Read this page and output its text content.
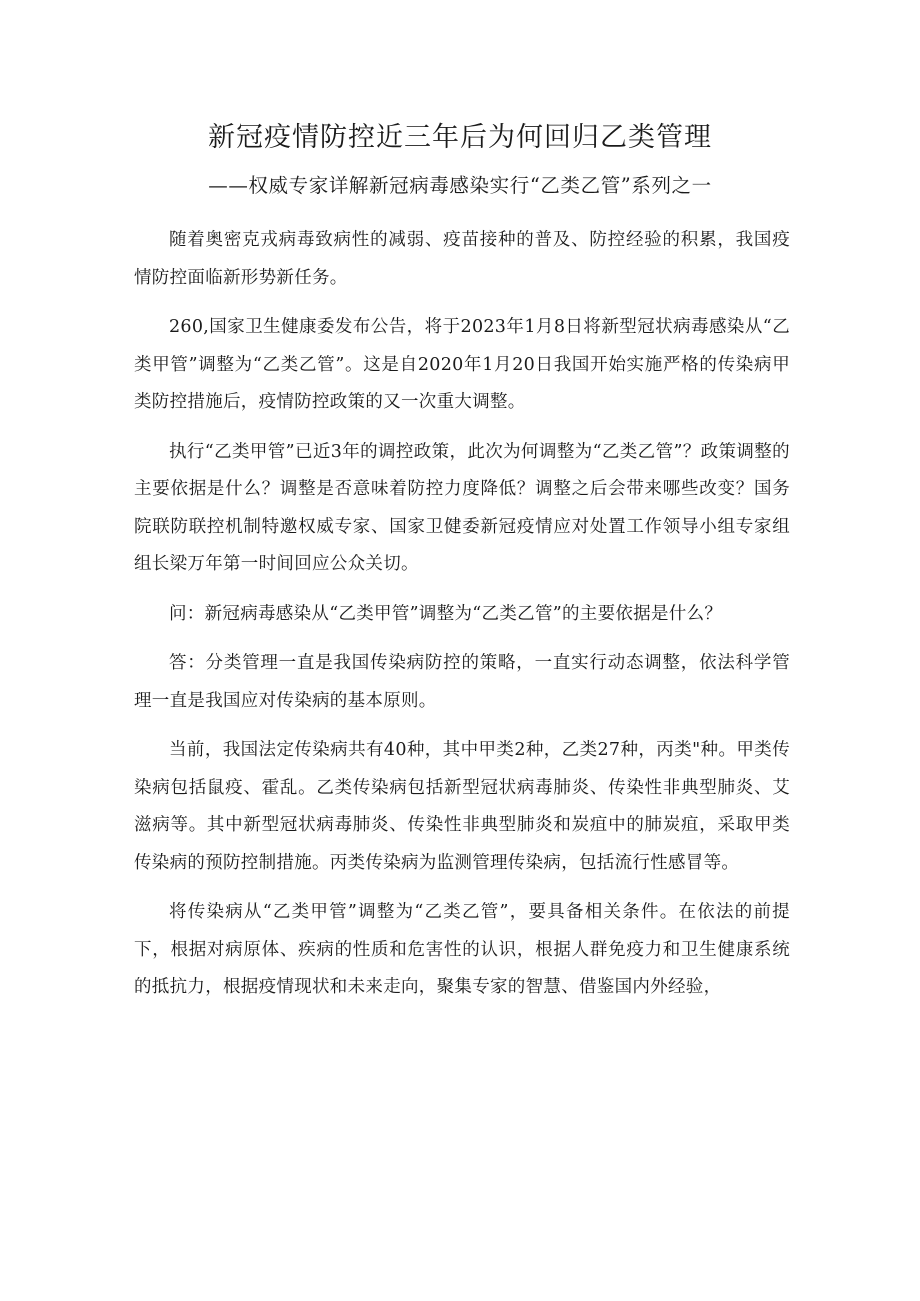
新冠疫情防控近三年后为何回归乙类管理
——权威专家详解新冠病毒感染实行“乙类乙管”系列之一

随着奥密克戎病毒致病性的减弱、疫苗接种的普及、防控经验的积累，我国疫情防控面临新形势新任务。

260,国家卫生健康委发布公告，将于2023年1月8日将新型冠状病毒感染从“乙类甲管”调整为“乙类乙管”。这是自2020年1月20日我国开始实施严格的传染病甲类防控措施后，疫情防控政策的又一次重大调整。

执行“乙类甲管”已近3年的调控政策，此次为何调整为“乙类乙管”？政策调整的主要依据是什么？调整是否意味着防控力度降低？调整之后会带来哪些改变？国务院联防联控机制特邀权威专家、国家卫健委新冠疫情应对处置工作领导小组专家组组长梁万年第一时间回应公众关切。

问：新冠病毒感染从“乙类甲管”调整为“乙类乙管”的主要依据是什么？

答：分类管理一直是我国传染病防控的策略，一直实行动态调整，依法科学管理一直是我国应对传染病的基本原则。

当前，我国法定传染病共有40种，其中甲类2种，乙类27种，丙类"种。甲类传染病包括鼠疫、霍乱。乙类传染病包括新型冠状病毒肺炎、传染性非典型肺炎、艾滋病等。其中新型冠状病毒肺炎、传染性非典型肺炎和炭疽中的肺炭疽，采取甲类传染病的预防控制措施。丙类传染病为监测管理传染病，包括流行性感冒等。

将传染病从“乙类甲管”调整为“乙类乙管”，要具备相关条件。在依法的前提下，根据对病原体、疾病的性质和危害性的认识，根据人群免疫力和卫生健康系统的抵抗力，根据疫情现状和未来走向，聚集专家的智慧、借鉴国内外经验，
